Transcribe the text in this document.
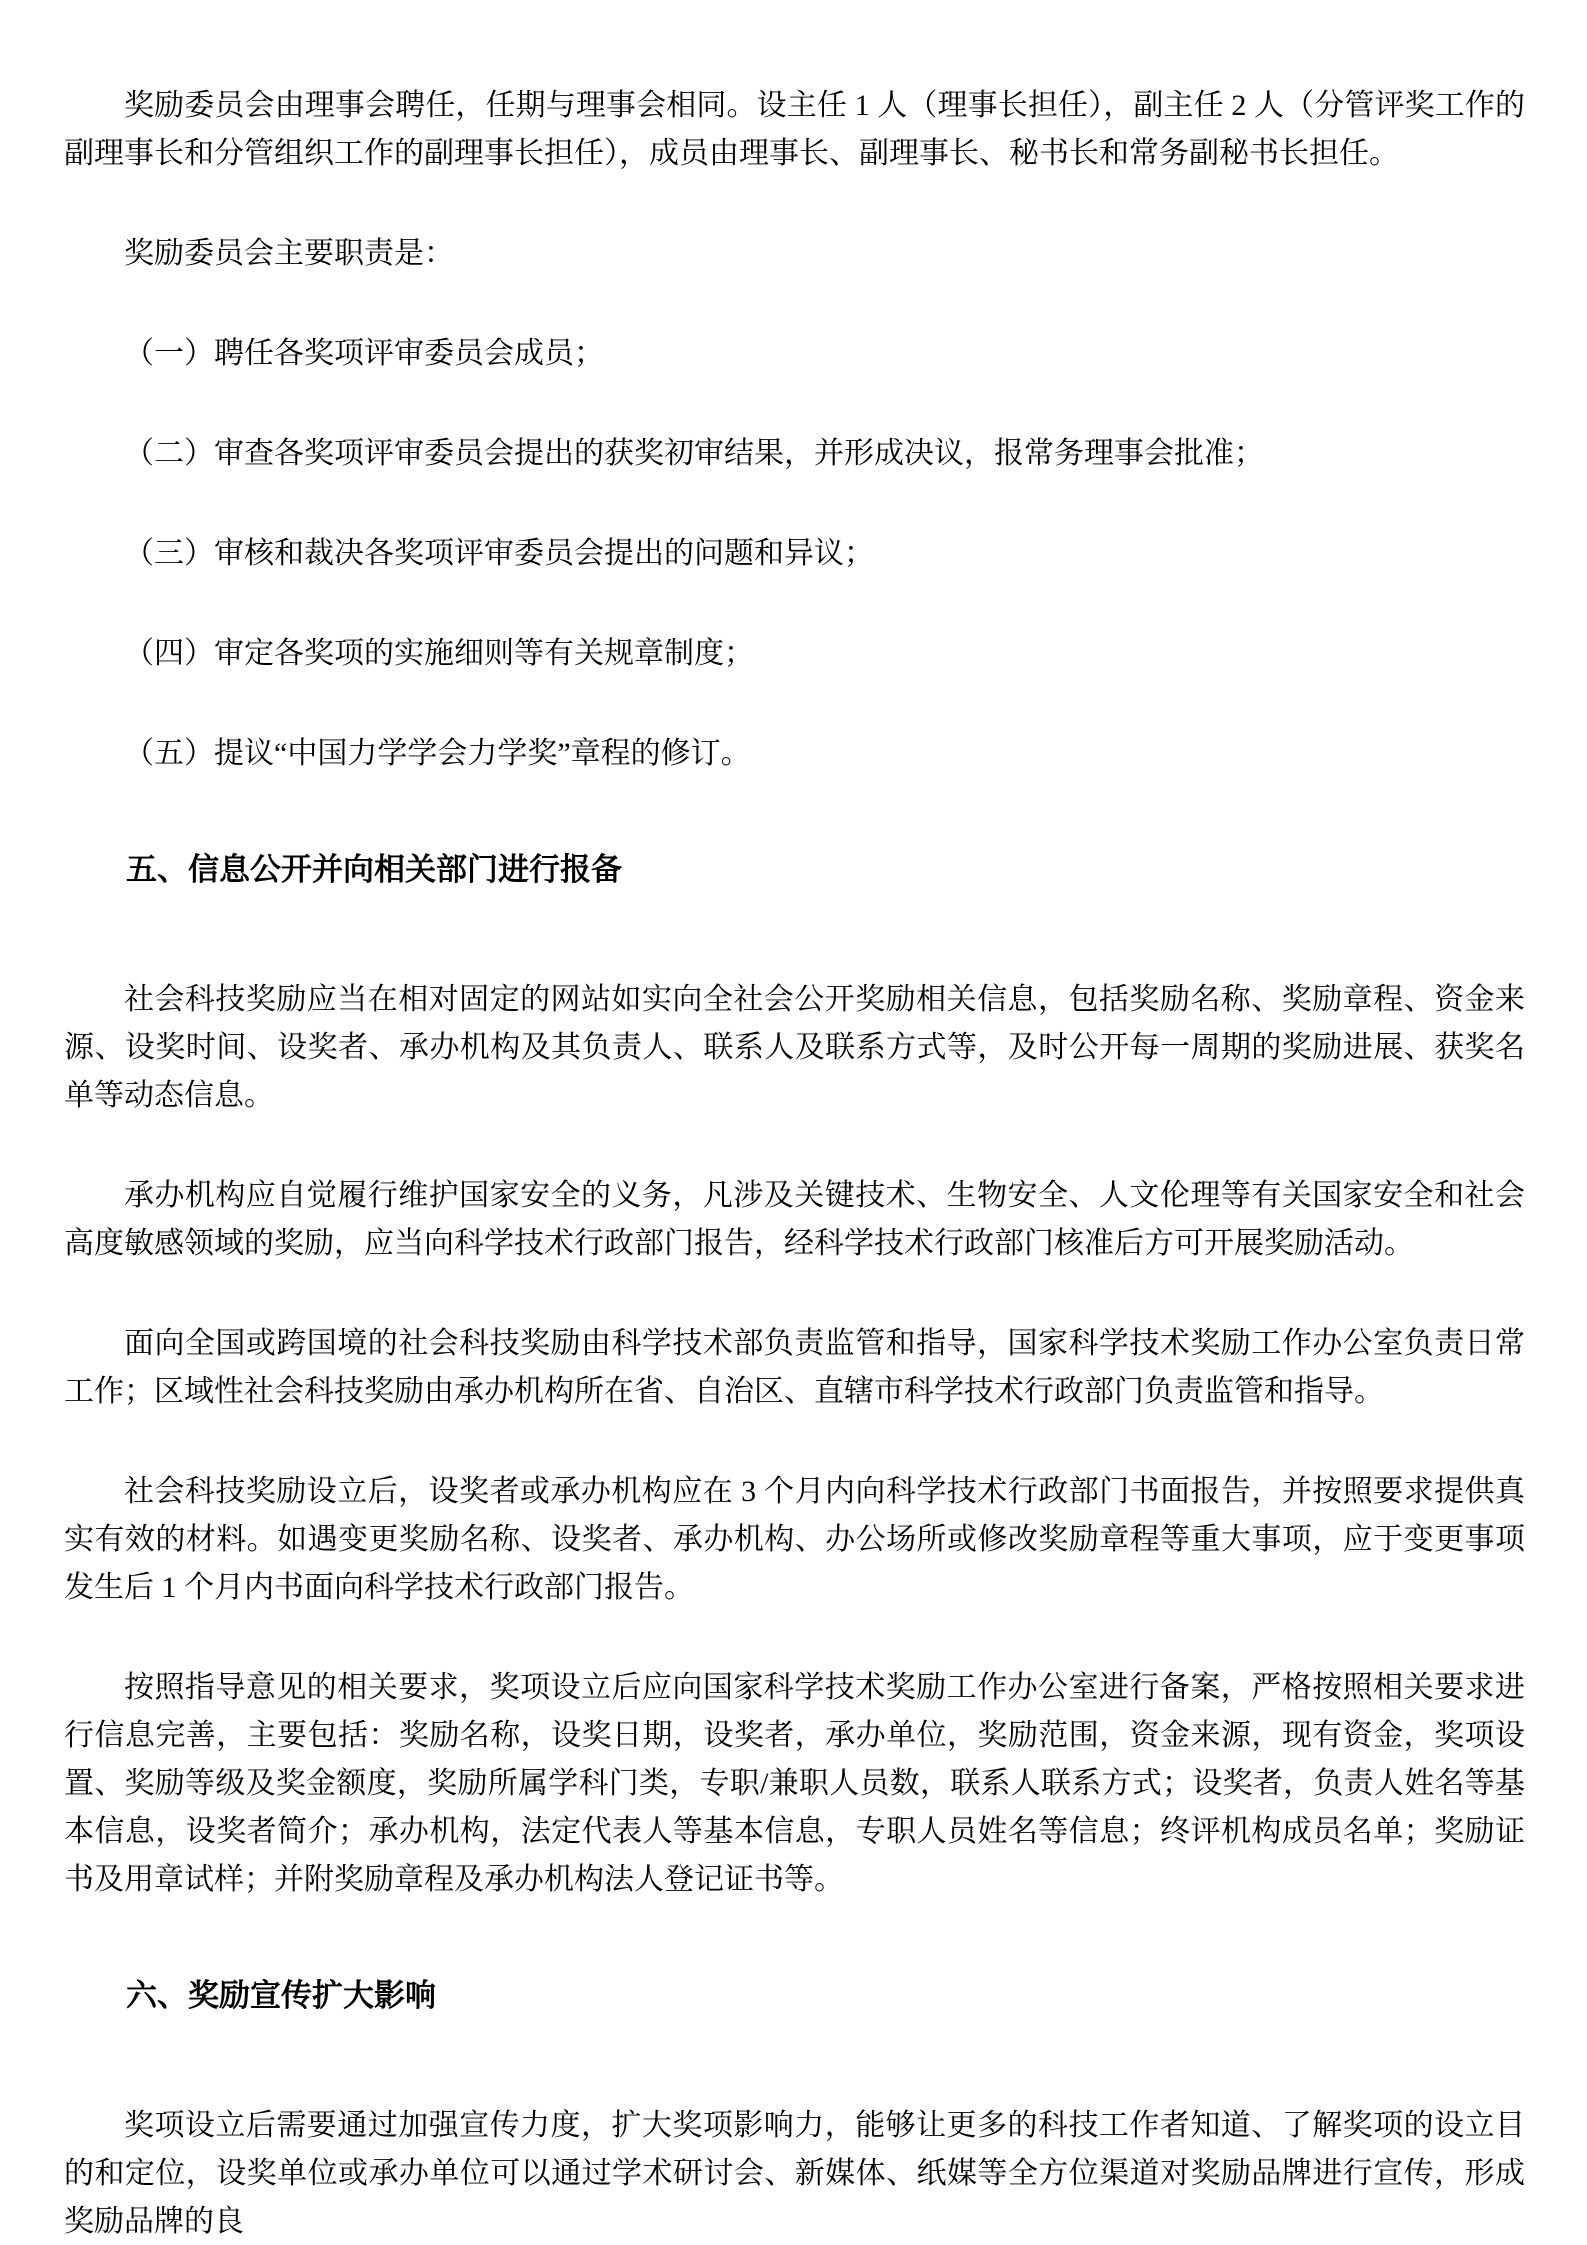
奖励委员会由理事会聘任，任期与理事会相同。设主任 1 人（理事长担任），副主任 2 人（分管评奖工作的副理事长和分管组织工作的副理事长担任），成员由理事长、副理事长、秘书长和常务副秘书长担任。

奖励委员会主要职责是：

（一）聘任各奖项评审委员会成员；

（二）审查各奖项评审委员会提出的获奖初审结果，并形成决议，报常务理事会批准；

（三）审核和裁决各奖项评审委员会提出的问题和异议；

（四）审定各奖项的实施细则等有关规章制度；

（五）提议“中国力学学会力学奖”章程的修订。

五、信息公开并向相关部门进行报备

社会科技奖励应当在相对固定的网站如实向全社会公开奖励相关信息，包括奖励名称、奖励章程、资金来源、设奖时间、设奖者、承办机构及其负责人、联系人及联系方式等，及时公开每一周期的奖励进展、获奖名单等动态信息。

承办机构应自觉履行维护国家安全的义务，凡涉及关键技术、生物安全、人文伦理等有关国家安全和社会高度敏感领域的奖励，应当向科学技术行政部门报告，经科学技术行政部门核准后方可开展奖励活动。

面向全国或跨国境的社会科技奖励由科学技术部负责监管和指导，国家科学技术奖励工作办公室负责日常工作；区域性社会科技奖励由承办机构所在省、自治区、直辖市科学技术行政部门负责监管和指导。

社会科技奖励设立后，设奖者或承办机构应在 3 个月内向科学技术行政部门书面报告，并按照要求提供真实有效的材料。如遇变更奖励名称、设奖者、承办机构、办公场所或修改奖励章程等重大事项，应于变更事项发生后 1 个月内书面向科学技术行政部门报告。

按照指导意见的相关要求，奖项设立后应向国家科学技术奖励工作办公室进行备案，严格按照相关要求进行信息完善，主要包括：奖励名称，设奖日期，设奖者，承办单位，奖励范围，资金来源，现有资金，奖项设置、奖励等级及奖金额度，奖励所属学科门类，专职/兼职人员数，联系人联系方式；设奖者，负责人姓名等基本信息，设奖者简介；承办机构，法定代表人等基本信息，专职人员姓名等信息；终评机构成员名单；奖励证书及用章试样；并附奖励章程及承办机构法人登记证书等。

六、奖励宣传扩大影响

奖项设立后需要通过加强宣传力度，扩大奖项影响力，能够让更多的科技工作者知道、了解奖项的设立目的和定位，设奖单位或承办单位可以通过学术研讨会、新媒体、纸媒等全方位渠道对奖励品牌进行宣传，形成奖励品牌的良
